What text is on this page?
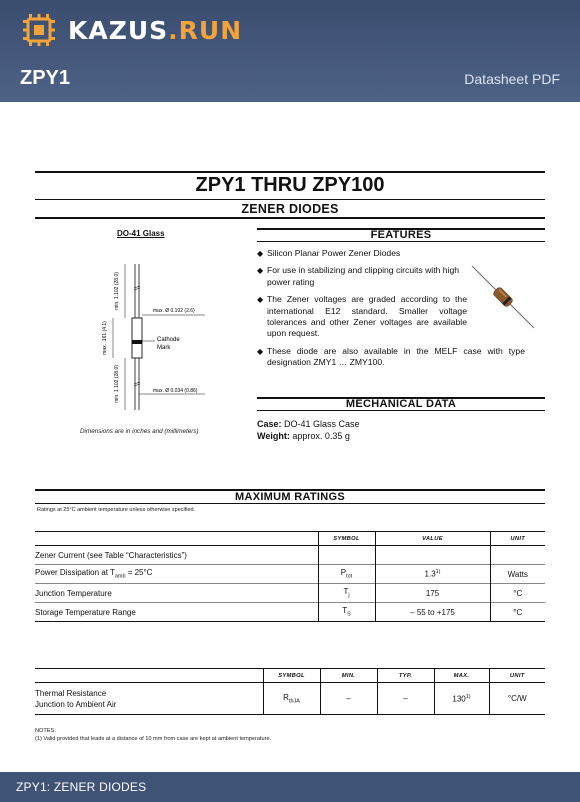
KAZUS.RUN
ZPY1	Datasheet PDF
ZPY1 THRU ZPY100
ZENER DIODES
DO-41 Glass
min. 1.102 (28.0)
max. .161 (4.1)
min. 1.102 (28.0)
max. Ø 0.102 (2.6)
Cathode
Mark
max. Ø 0.034 (0.86)
Dimensions are in inches and (millimeters)
FEATURES
◆ Silicon Planar Power Zener Diodes
◆ For use in stabilizing and clipping circuits with high power rating
◆ The Zener voltages are graded according to the international E12 standard. Smaller voltage tolerances and other Zener voltages are available upon request.
◆ These diode are also available in the MELF case with type designation ZMY1 … ZMY100.
MECHANICAL DATA
Case: DO-41 Glass Case
Weight: approx. 0.35 g
MAXIMUM RATINGS
Ratings at 25°C ambient temperature unless otherwise specified.
	SYMBOL	VALUE	UNIT
Zener Current (see Table “Characteristics”)			
Power Dissipation at $T_{amb} = 25^\circ C$	$P_{tot}$	1.3$^{1)}$	Watts
Junction Temperature	$T_j$	175	°C
Storage Temperature Range	$T_S$	– 55 to +175	°C
	SYMBOL	MIN.	TYP.	MAX.	UNIT

Thermal Resistance
Junction to Ambient Air	$R_{thJA}$	–	–	130$^{1)}$	°C/W
NOTES:
(1) Valid provided that leads at a distance of 10 mm from case are kept at ambient temperature.
ZPY1: ZENER DIODES
